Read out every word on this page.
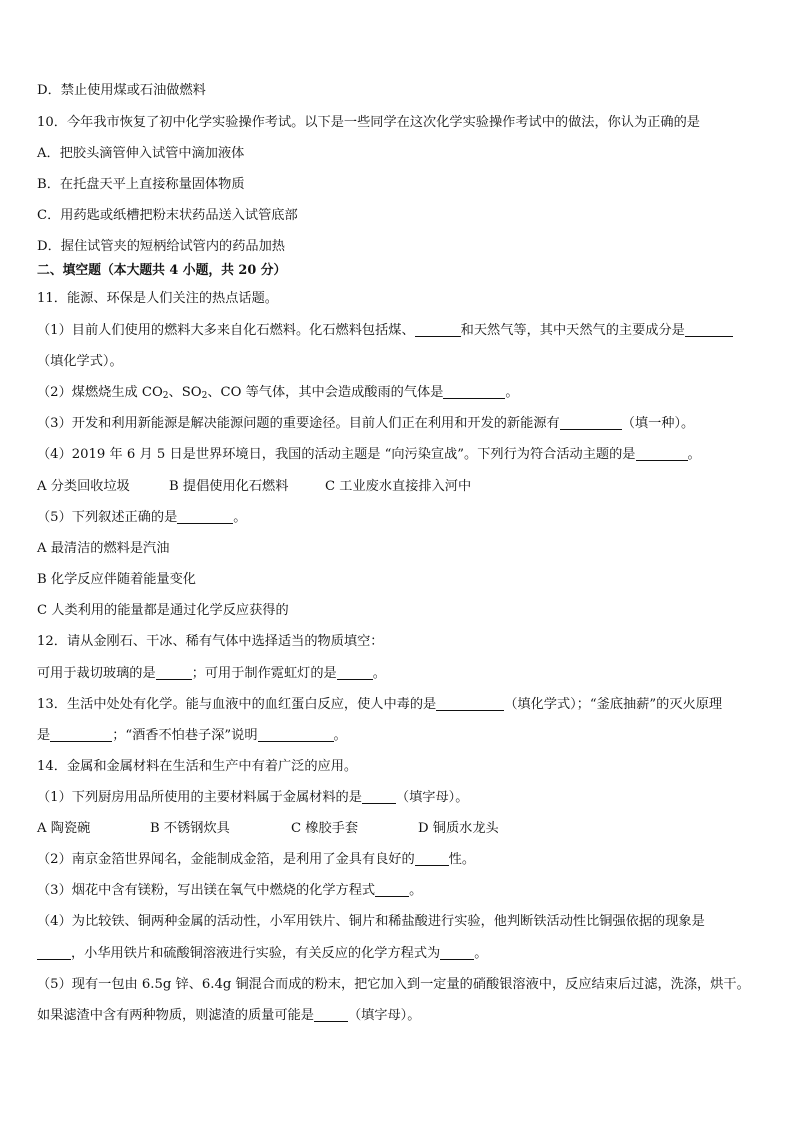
D．禁止使用煤或石油做燃料
10．今年我市恢复了初中化学实验操作考试。以下是一些同学在这次化学实验操作考试中的做法，你认为正确的是
A．把胶头滴管伸入试管中滴加液体
B．在托盘天平上直接称量固体物质
C．用药匙或纸槽把粉末状药品送入试管底部
D．握住试管夹的短柄给试管内的药品加热
二、填空题（本大题共 4 小题，共 20 分）
11．能源、环保是人们关注的热点话题。
（1）目前人们使用的燃料大多来自化石燃料。化石燃料包括煤、	和天然气等，其中天然气的主要成分是
（填化学式）。
（2）煤燃烧生成 $CO_2$、$SO_2$、CO 等气体，其中会造成酸雨的气体是	。
（3）开发和利用新能源是解决能源问题的重要途径。目前人们正在利用和开发的新能源有	（填一种）。
（4）2019 年 6 月 5 日是世界环境日，我国的活动主题是 “向污染宣战”。下列行为符合活动主题的是	。
A 分类回收垃圾	B 提倡使用化石燃料	C 工业废水直接排入河中
（5）下列叙述正确的是	。
A 最清洁的燃料是汽油
B 化学反应伴随着能量变化
C 人类利用的能量都是通过化学反应获得的
12．请从金刚石、干冰、稀有气体中选择适当的物质填空：
可用于裁切玻璃的是	；可用于制作霓虹灯的是	。
13．生活中处处有化学。能与血液中的血红蛋白反应，使人中毒的是	（填化学式）；“釜底抽薪”的灭火原理
是	；“酒香不怕巷子深”说明	。
14．金属和金属材料在生活和生产中有着广泛的应用。
（1）下列厨房用品所使用的主要材料属于金属材料的是	（填字母）。
A 陶瓷碗	B 不锈钢炊具	C 橡胶手套	D 铜质水龙头
（2）南京金箔世界闻名，金能制成金箔，是利用了金具有良好的	性。
（3）烟花中含有镁粉，写出镁在氧气中燃烧的化学方程式	。
（4）为比较铁、铜两种金属的活动性，小军用铁片、铜片和稀盐酸进行实验，他判断铁活动性比铜强依据的现象是
，小华用铁片和硫酸铜溶液进行实验，有关反应的化学方程式为	。
（5）现有一包由 6.5g 锌、6.4g 铜混合而成的粉末，把它加入到一定量的硝酸银溶液中，反应结束后过滤，洗涤，烘干。
如果滤渣中含有两种物质，则滤渣的质量可能是	（填字母）。
